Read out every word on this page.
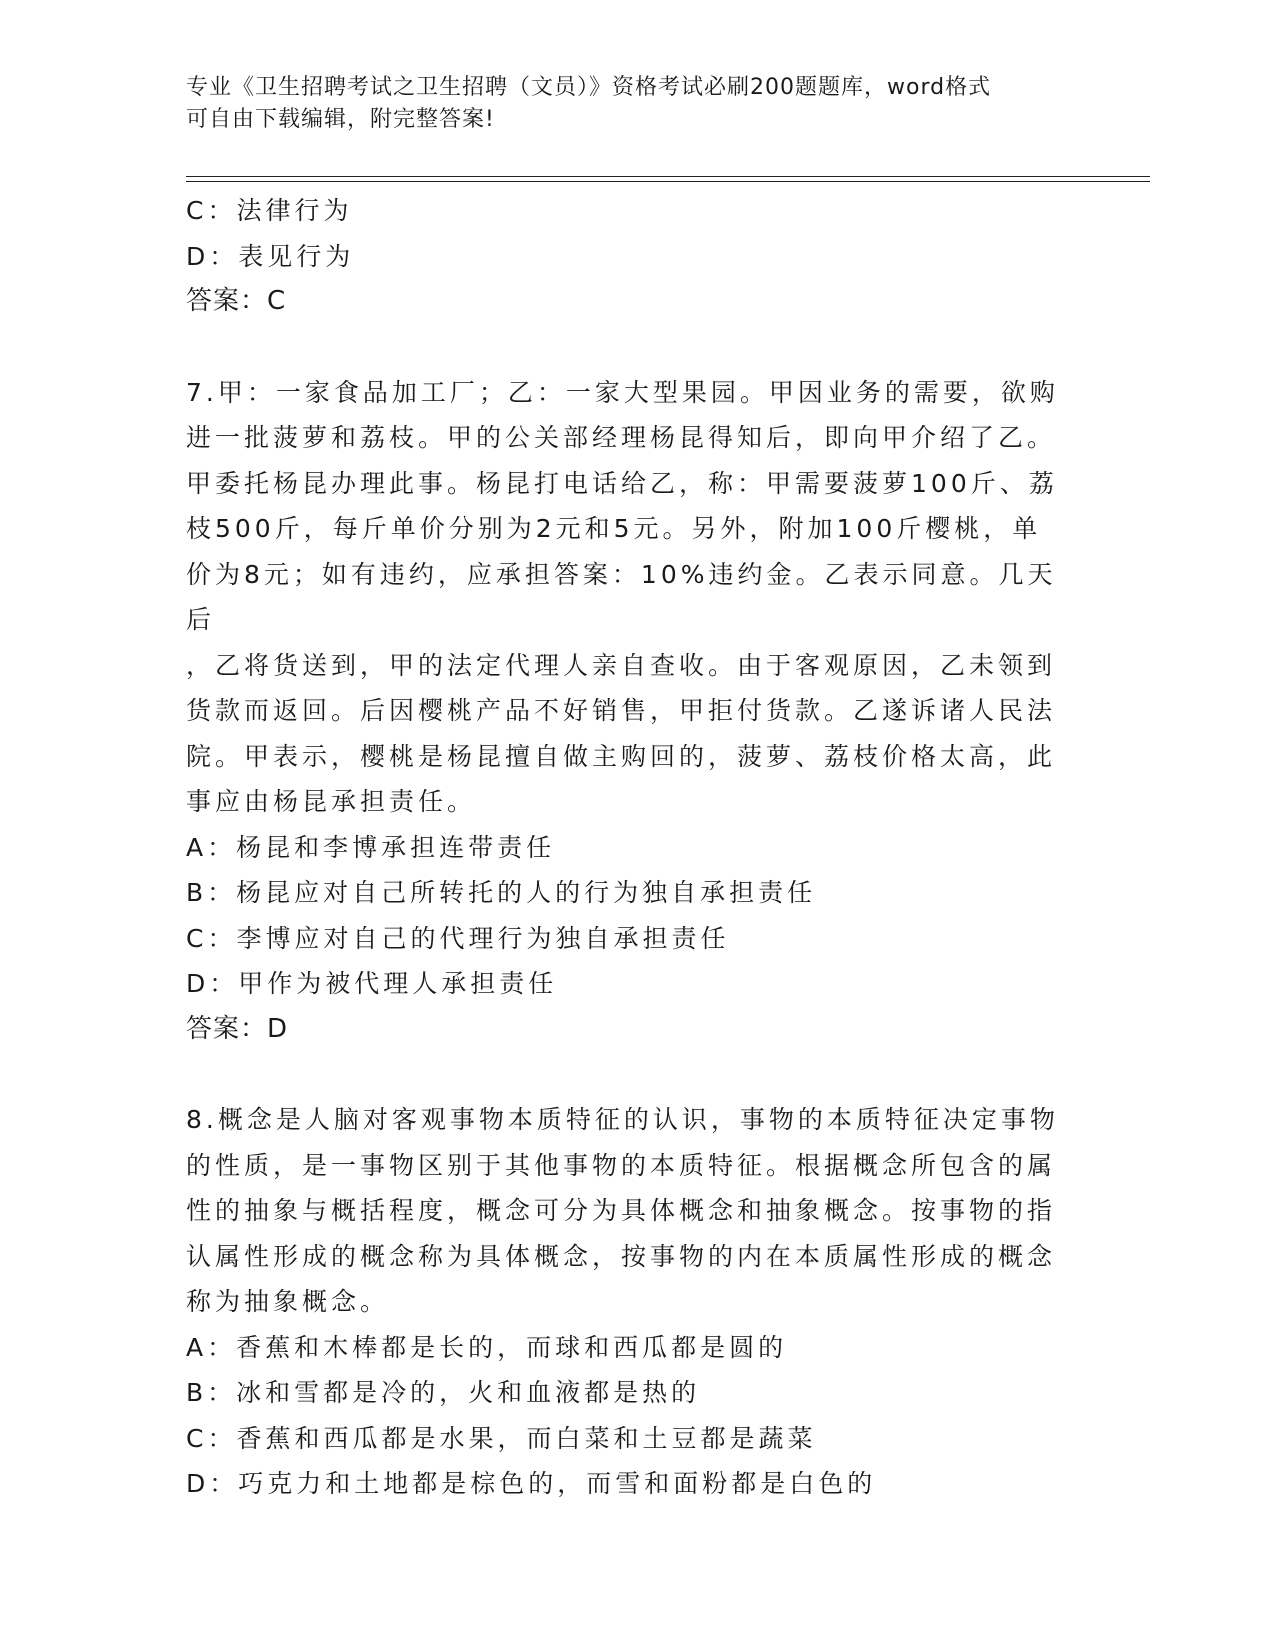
专业《卫生招聘考试之卫生招聘（文员）》资格考试必刷200题题库，word格式

可自由下载编辑，附完整答案!

C：法律行为

D：表见行为

答案：C

7.甲：一家食品加工厂；乙：一家大型果园。甲因业务的需要，欲购

进一批菠萝和荔枝。甲的公关部经理杨昆得知后，即向甲介绍了乙。

甲委托杨昆办理此事。杨昆打电话给乙，称：甲需要菠萝100斤、荔

枝500斤，每斤单价分别为2元和5元。另外，附加100斤樱桃，单

价为8元；如有违约，应承担答案：10%违约金。乙表示同意。几天后

，乙将货送到，甲的法定代理人亲自查收。由于客观原因，乙未领到

货款而返回。后因樱桃产品不好销售，甲拒付货款。乙遂诉诸人民法

院。甲表示，樱桃是杨昆擅自做主购回的，菠萝、荔枝价格太高，此

事应由杨昆承担责任。

A：杨昆和李博承担连带责任

B：杨昆应对自己所转托的人的行为独自承担责任

C：李博应对自己的代理行为独自承担责任

D：甲作为被代理人承担责任

答案：D

8.概念是人脑对客观事物本质特征的认识，事物的本质特征决定事物

的性质，是一事物区别于其他事物的本质特征。根据概念所包含的属

性的抽象与概括程度，概念可分为具体概念和抽象概念。按事物的指

认属性形成的概念称为具体概念，按事物的内在本质属性形成的概念

称为抽象概念。

A：香蕉和木棒都是长的，而球和西瓜都是圆的

B：冰和雪都是冷的，火和血液都是热的

C：香蕉和西瓜都是水果，而白菜和土豆都是蔬菜

D：巧克力和土地都是棕色的，而雪和面粉都是白色的
